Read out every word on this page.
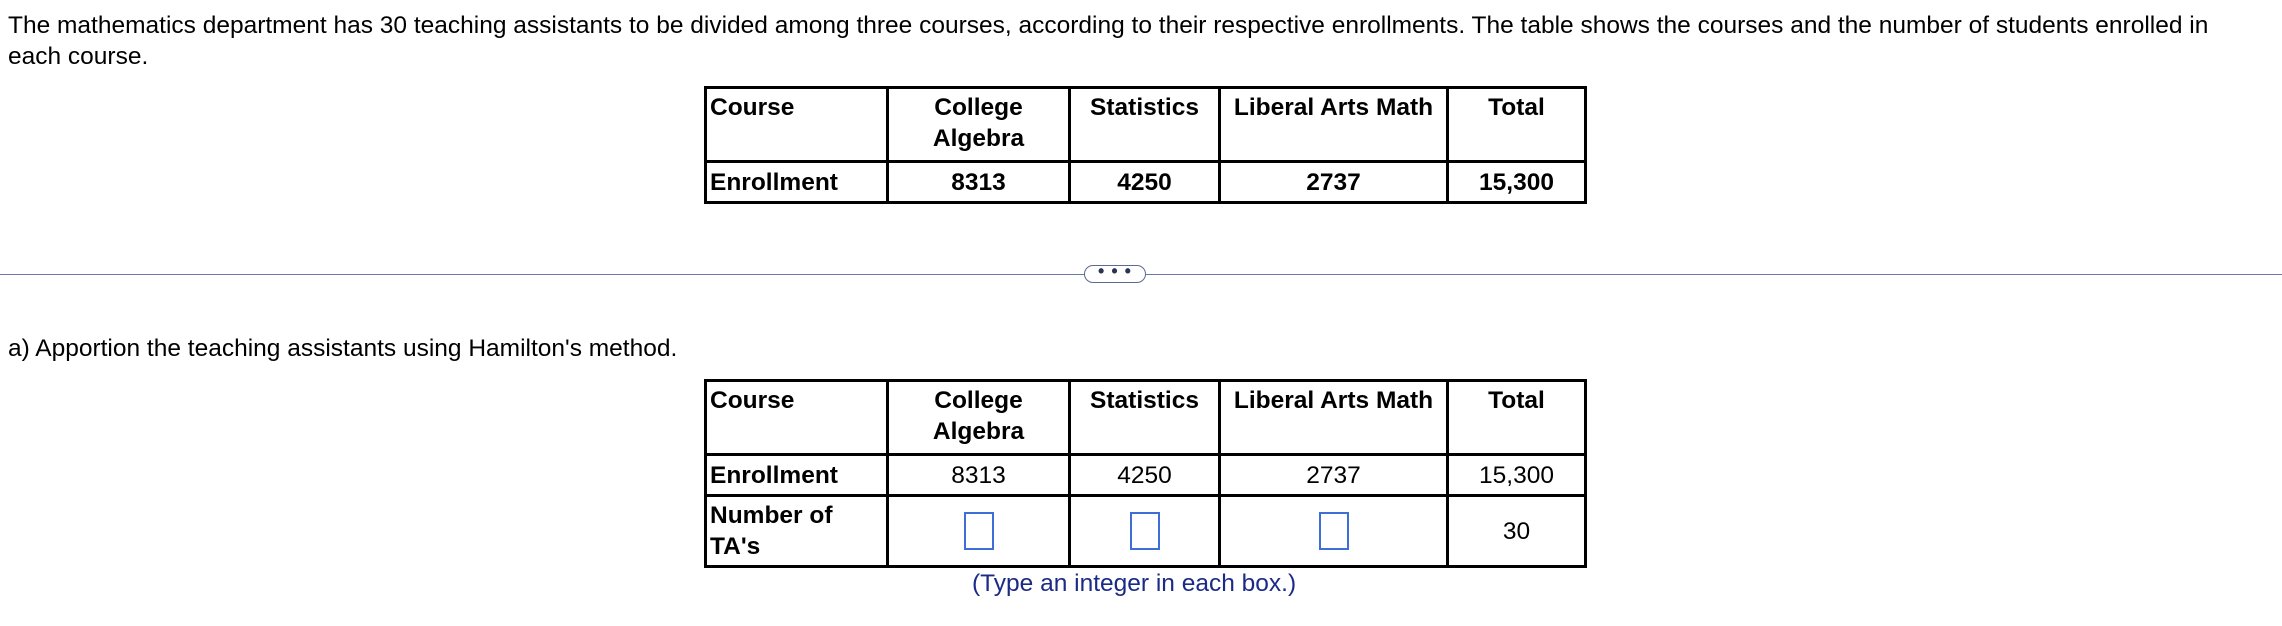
The mathematics department has 30 teaching assistants to be divided among three courses, according to their respective enrollments. The table shows the courses and the number of students enrolled in each course.

Course	College Algebra	Statistics	Liberal Arts Math	Total
Enrollment	8313	4250	2737	15,300
• • •

a) Apportion the teaching assistants using Hamilton's method.

Course	College Algebra	Statistics	Liberal Arts Math	Total
Enrollment	8313	4250	2737	15,300
Number of TA's				30
(Type an integer in each box.)
